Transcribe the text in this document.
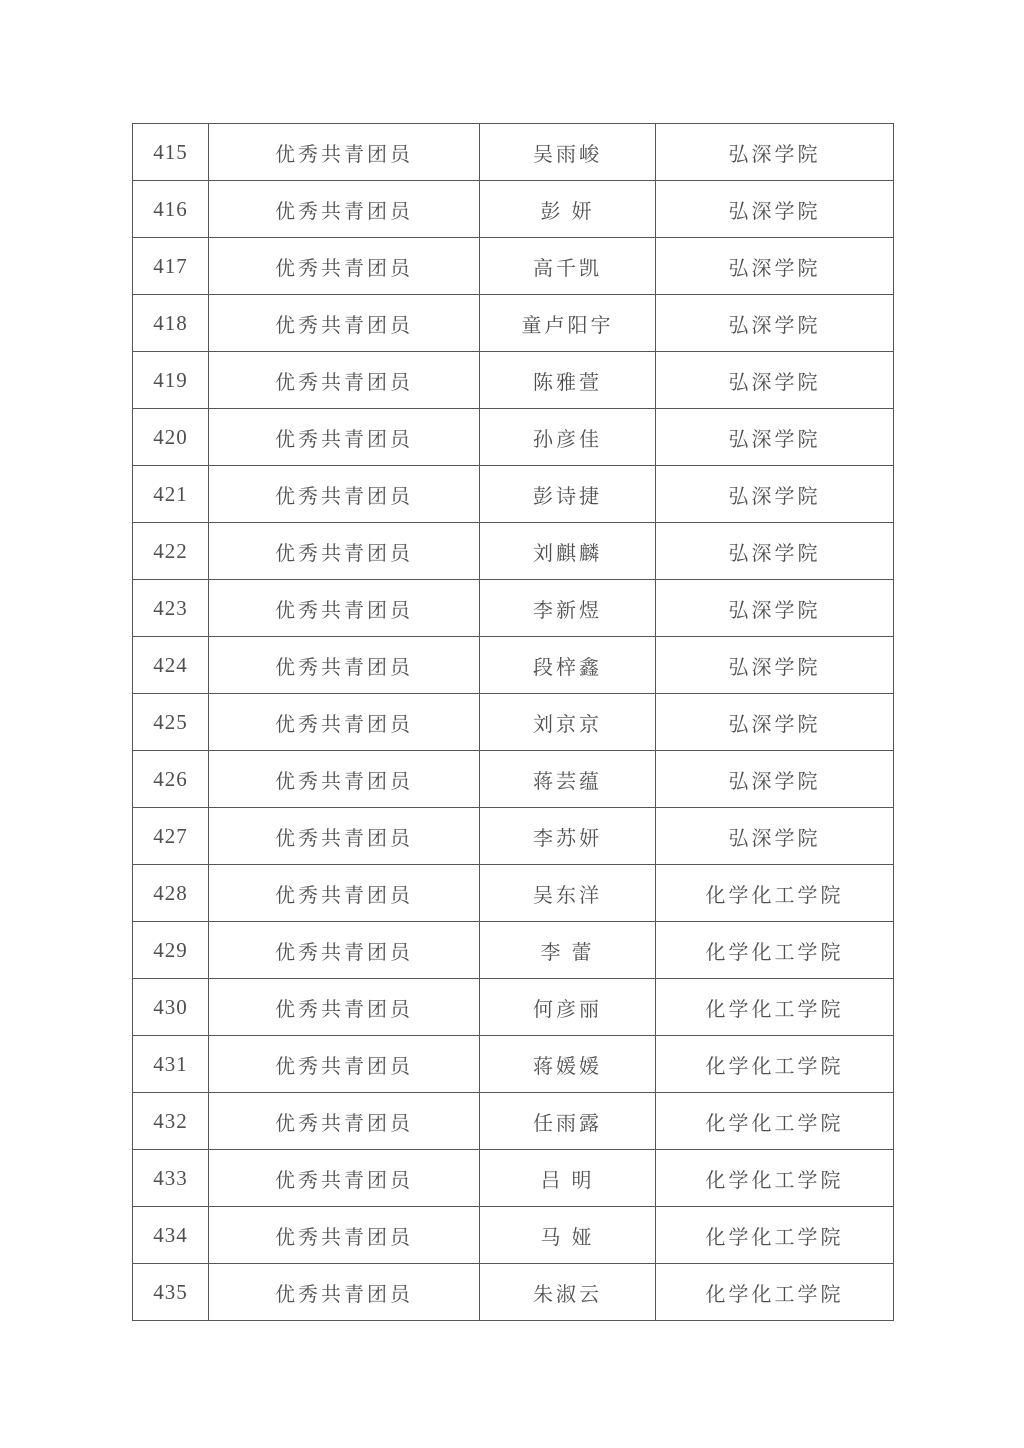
415	优秀共青团员	吴雨峻	弘深学院
416	优秀共青团员	彭 妍	弘深学院
417	优秀共青团员	高千凯	弘深学院
418	优秀共青团员	童卢阳宇	弘深学院
419	优秀共青团员	陈雅萱	弘深学院
420	优秀共青团员	孙彦佳	弘深学院
421	优秀共青团员	彭诗捷	弘深学院
422	优秀共青团员	刘麒麟	弘深学院
423	优秀共青团员	李新煜	弘深学院
424	优秀共青团员	段梓鑫	弘深学院
425	优秀共青团员	刘京京	弘深学院
426	优秀共青团员	蒋芸蕴	弘深学院
427	优秀共青团员	李苏妍	弘深学院
428	优秀共青团员	吴东洋	化学化工学院
429	优秀共青团员	李 蕾	化学化工学院
430	优秀共青团员	何彦丽	化学化工学院
431	优秀共青团员	蒋媛媛	化学化工学院
432	优秀共青团员	任雨露	化学化工学院
433	优秀共青团员	吕 明	化学化工学院
434	优秀共青团员	马 娅	化学化工学院
435	优秀共青团员	朱淑云	化学化工学院
